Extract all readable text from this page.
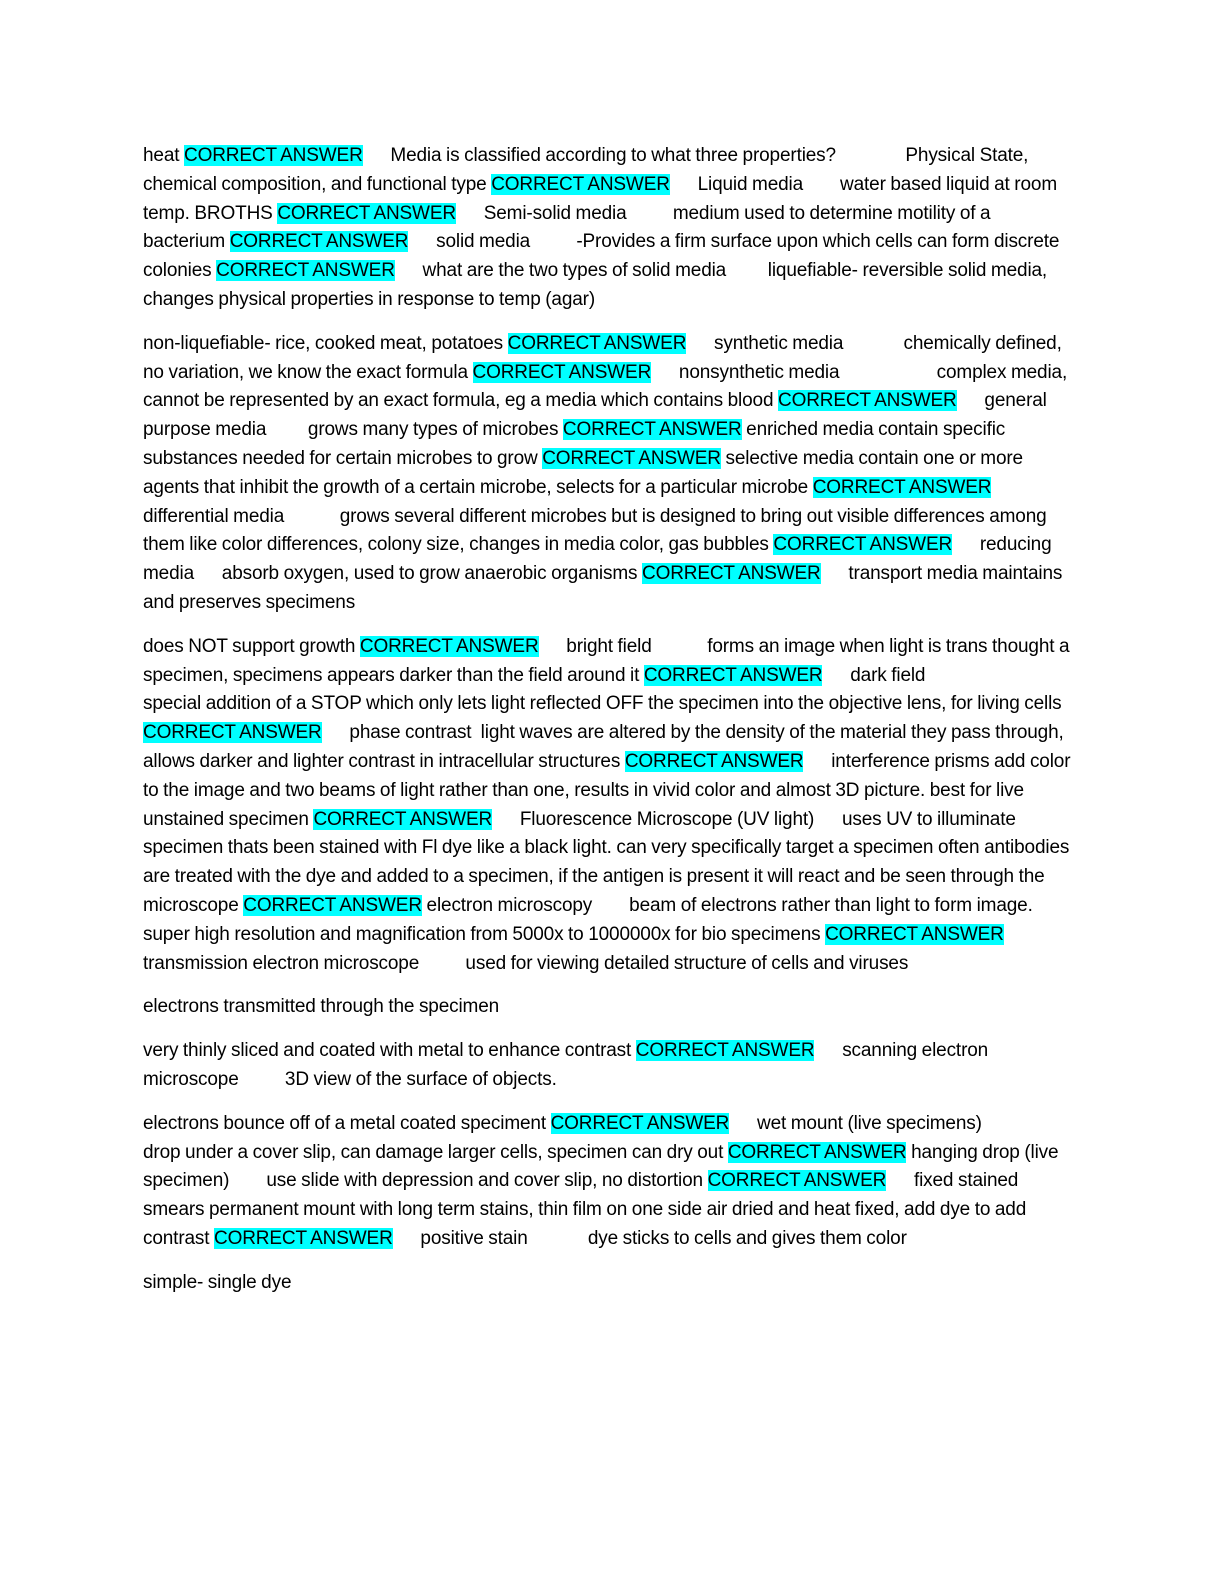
heat CORRECT ANSWER      Media is classified according to what three properties?               Physical State, chemical composition, and functional type CORRECT ANSWER      Liquid media        water based liquid at room temp. BROTHS CORRECT ANSWER      Semi-solid media          medium used to determine motility of a bacterium CORRECT ANSWER      solid media          -Provides a firm surface upon which cells can form discrete colonies CORRECT ANSWER      what are the two types of solid media         liquefiable- reversible solid media, changes physical properties in response to temp (agar)

non-liquefiable- rice, cooked meat, potatoes CORRECT ANSWER      synthetic media             chemically defined, no variation, we know the exact formula CORRECT ANSWER      nonsynthetic media                     complex media, cannot be represented by an exact formula, eg a media which contains blood CORRECT ANSWER      general purpose media         grows many types of microbes CORRECT ANSWER enriched media contain specific substances needed for certain microbes to grow CORRECT ANSWER selective media contain one or more agents that inhibit the growth of a certain microbe, selects for a particular microbe CORRECT ANSWER      differential media            grows several different microbes but is designed to bring out visible differences among them like color differences, colony size, changes in media color, gas bubbles CORRECT ANSWER      reducing media      absorb oxygen, used to grow anaerobic organisms CORRECT ANSWER      transport media maintains and preserves specimens

does NOT support growth CORRECT ANSWER      bright field            forms an image when light is trans thought a specimen, specimens appears darker than the field around it CORRECT ANSWER      dark field                     special addition of a STOP which only lets light reflected OFF the specimen into the objective lens, for living cells CORRECT ANSWER      phase contrast  light waves are altered by the density of the material they pass through, allows darker and lighter contrast in intracellular structures CORRECT ANSWER      interference prisms add color to the image and two beams of light rather than one, results in vivid color and almost 3D picture. best for live unstained specimen CORRECT ANSWER      Fluorescence Microscope (UV light)      uses UV to illuminate specimen thats been stained with Fl dye like a black light. can very specifically target a specimen often antibodies are treated with the dye and added to a specimen, if the antigen is present it will react and be seen through the microscope CORRECT ANSWER electron microscopy        beam of electrons rather than light to form image. super high resolution and magnification from 5000x to 1000000x for bio specimens CORRECT ANSWER      transmission electron microscope          used for viewing detailed structure of cells and viruses

electrons transmitted through the specimen

very thinly sliced and coated with metal to enhance contrast CORRECT ANSWER      scanning electron microscope          3D view of the surface of objects.

electrons bounce off of a metal coated speciment CORRECT ANSWER      wet mount (live specimens)                     drop under a cover slip, can damage larger cells, specimen can dry out CORRECT ANSWER hanging drop (live specimen)        use slide with depression and cover slip, no distortion CORRECT ANSWER      fixed stained smears permanent mount with long term stains, thin film on one side air dried and heat fixed, add dye to add contrast CORRECT ANSWER      positive stain             dye sticks to cells and gives them color

simple- single dye
